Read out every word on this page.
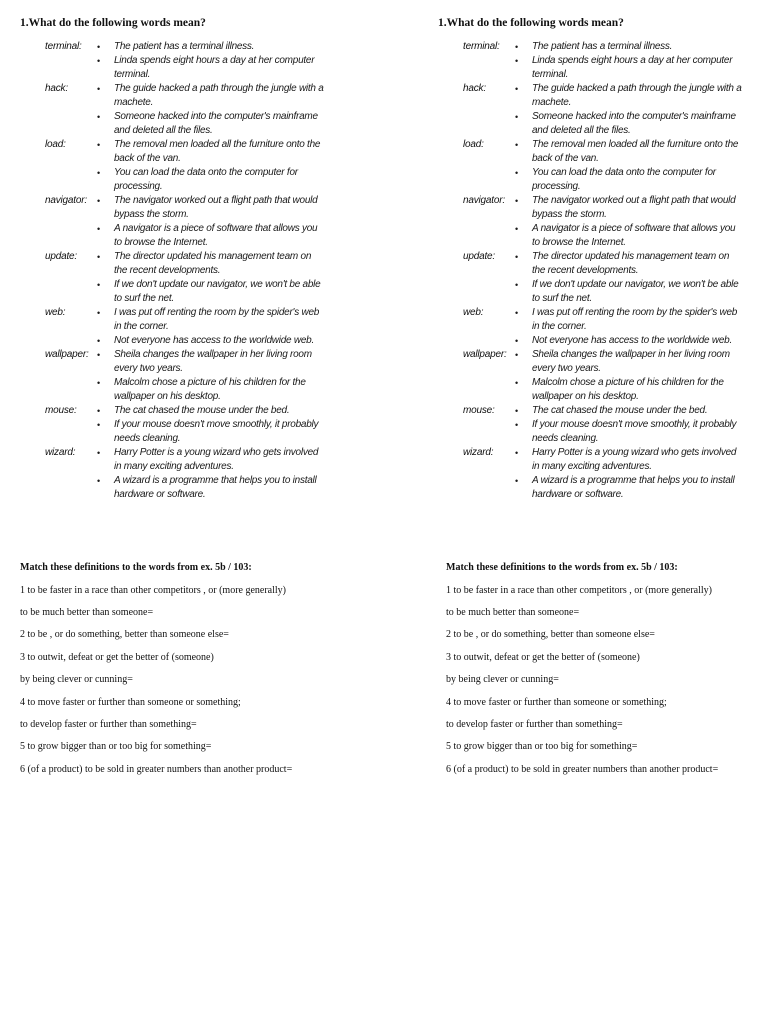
1.What do the following words mean?
terminal:	• The patient has a terminal illness.
• Linda spends eight hours a day at her computer terminal.
hack:	• The guide hacked a path through the jungle with a machete.
• Someone hacked into the computer's mainframe and deleted all the files.
load:	• The removal men loaded all the furniture onto the back of the van.
• You can load the data onto the computer for processing.
navigator:	• The navigator worked out a flight path that would bypass the storm.
• A navigator is a piece of software that allows you to browse the Internet.
update:	• The director updated his management team on the recent developments.
• If we don't update our navigator, we won't be able to surf the net.
web:	• I was put off renting the room by the spider's web in the corner.
• Not everyone has access to the worldwide web.
wallpaper: • Sheila changes the wallpaper in her living room every two years.
• Malcolm chose a picture of his children for the wallpaper on his desktop.
mouse:	• The cat chased the mouse under the bed.
• If your mouse doesn't move smoothly, it probably needs cleaning.
wizard:	• Harry Potter is a young wizard who gets involved in many exciting adventures.
• A wizard is a programme that helps you to install hardware or software.
Match these definitions to the words from ex. 5b / 103:
1 to be faster in a race than other competitors , or (more generally)
to be much better than someone=
2 to be , or do something, better than someone else=
3 to outwit, defeat or get the better of (someone)
by being clever or cunning=
4 to move faster or further than someone or something;
to develop faster or further than something=
5 to grow bigger than or too big for something=
6 (of a product) to be sold in greater numbers than another product=
1.What do the following words mean?
terminal:	• The patient has a terminal illness.
• Linda spends eight hours a day at her computer terminal.
hack:	• The guide hacked a path through the jungle with a machete.
• Someone hacked into the computer's mainframe and deleted all the files.
load:	• The removal men loaded all the furniture onto the back of the van.
• You can load the data onto the computer for processing.
navigator:	• The navigator worked out a flight path that would bypass the storm.
• A navigator is a piece of software that allows you to browse the Internet.
update:	• The director updated his management team on the recent developments.
• If we don't update our navigator, we won't be able to surf the net.
web:	• I was put off renting the room by the spider's web in the corner.
• Not everyone has access to the worldwide web.
wallpaper: • Sheila changes the wallpaper in her living room every two years.
• Malcolm chose a picture of his children for the wallpaper on his desktop.
mouse:	• The cat chased the mouse under the bed.
• If your mouse doesn't move smoothly, it probably needs cleaning.
wizard:	• Harry Potter is a young wizard who gets involved in many exciting adventures.
• A wizard is a programme that helps you to install hardware or software.
Match these definitions to the words from ex. 5b / 103:
1 to be faster in a race than other competitors , or (more generally)
to be much better than someone=
2 to be , or do something, better than someone else=
3 to outwit, defeat or get the better of (someone)
by being clever or cunning=
4 to move faster or further than someone or something;
to develop faster or further than something=
5 to grow bigger than or too big for something=
6 (of a product) to be sold in greater numbers than another product=
